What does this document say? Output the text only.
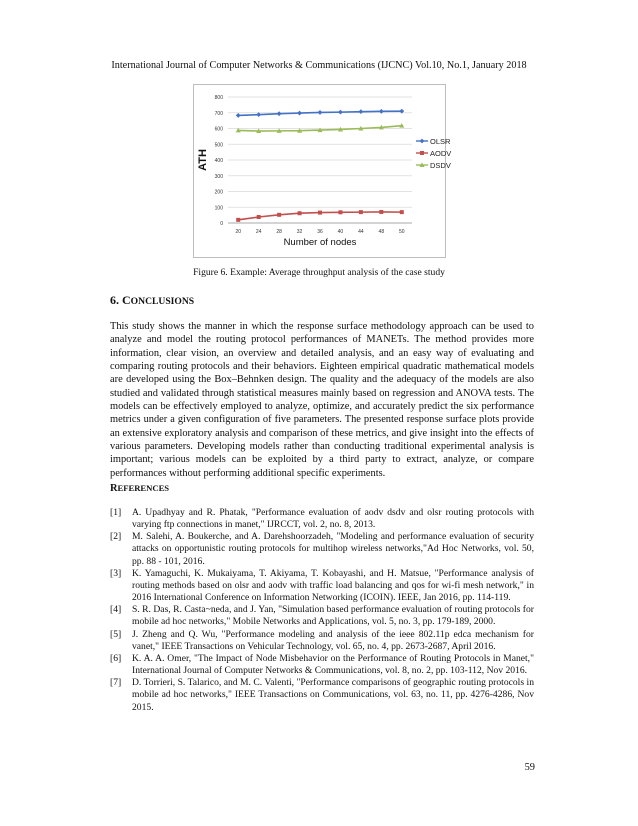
International Journal of Computer Networks & Communications (IJCNC) Vol.10, No.1, January 2018
0
100
200
300
400
500
600
700
800
20	24	28	32	36	40	44	48	50
Number of nodes
ATH
OLSR
AODV
DSDV
Figure 6. Example: Average throughput analysis of the case study
6. CONCLUSIONS
This study shows the manner in which the response surface methodology approach can be used to analyze and model the routing protocol performances of MANETs. The method provides more information, clear vision, an overview and detailed analysis, and an easy way of evaluating and comparing routing protocols and their behaviors. Eighteen empirical quadratic mathematical models are developed using the Box–Behnken design. The quality and the adequacy of the models are also studied and validated through statistical measures mainly based on regression and ANOVA tests. The models can be effectively employed to analyze, optimize, and accurately predict the six performance metrics under a given configuration of five parameters. The presented response surface plots provide an extensive exploratory analysis and comparison of these metrics, and give insight into the effects of various parameters. Developing models rather than conducting traditional experimental analysis is important; various models can be exploited by a third party to extract, analyze, or compare performances without performing additional specific experiments.
REFERENCES
[1]	A. Upadhyay and R. Phatak, "Performance evaluation of aodv dsdv and olsr routing protocols with varying ftp connections in manet," IJRCCT, vol. 2, no. 8, 2013.
[2]	M. Salehi, A. Boukerche, and A. Darehshoorzadeh, "Modeling and performance evaluation of security attacks on opportunistic routing protocols for multihop wireless networks,"Ad Hoc Networks, vol. 50, pp. 88 - 101, 2016.
[3]	K. Yamaguchi, K. Mukaiyama, T. Akiyama, T. Kobayashi, and H. Matsue, "Performance analysis of routing methods based on olsr and aodv with traffic load balancing and qos for wi-fi mesh network," in 2016 International Conference on Information Networking (ICOIN). IEEE, Jan 2016, pp. 114-119.
[4]	S. R. Das, R. Casta~neda, and J. Yan, "Simulation based performance evaluation of routing protocols for mobile ad hoc networks," Mobile Networks and Applications, vol. 5, no. 3, pp. 179-189, 2000.
[5]	J. Zheng and Q. Wu, "Performance modeling and analysis of the ieee 802.11p edca mechanism for vanet," IEEE Transactions on Vehicular Technology, vol. 65, no. 4, pp. 2673-2687, April 2016.
[6]	K. A. A. Omer, "The Impact of Node Misbehavior on the Performance of Routing Protocols in Manet," International Journal of Computer Networks & Communications, vol. 8, no. 2, pp. 103-112, Nov 2016.
[7]	D. Torrieri, S. Talarico, and M. C. Valenti, "Performance comparisons of geographic routing protocols in mobile ad hoc networks," IEEE Transactions on Communications, vol. 63, no. 11, pp. 4276-4286, Nov 2015.
59
